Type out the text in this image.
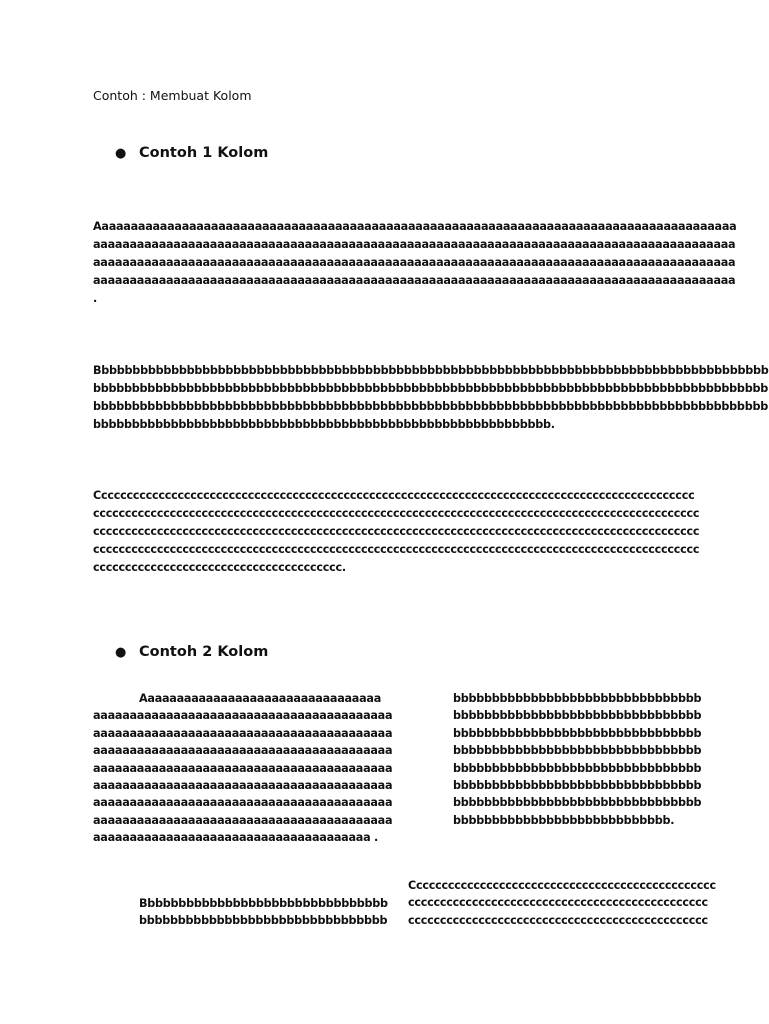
Contoh : Membuat Kolom
● Contoh 1 Kolom
Aaaaaaaaaaaaaaaaaaaaaaaaaaaaaaaaaaaaaaaaaaaaaaaaaaaaaaaaaaaaaaaaaaaaaaaaaaaaaaaaaaaaaaaa
aaaaaaaaaaaaaaaaaaaaaaaaaaaaaaaaaaaaaaaaaaaaaaaaaaaaaaaaaaaaaaaaaaaaaaaaaaaaaaaaaaaaaaaa
aaaaaaaaaaaaaaaaaaaaaaaaaaaaaaaaaaaaaaaaaaaaaaaaaaaaaaaaaaaaaaaaaaaaaaaaaaaaaaaaaaaaaaaa
aaaaaaaaaaaaaaaaaaaaaaaaaaaaaaaaaaaaaaaaaaaaaaaaaaaaaaaaaaaaaaaaaaaaaaaaaaaaaaaaaaaaaaaa
.
Bbbbbbbbbbbbbbbbbbbbbbbbbbbbbbbbbbbbbbbbbbbbbbbbbbbbbbbbbbbbbbbbbbbbbbbbbbbbbbbbbbbbbbb
bbbbbbbbbbbbbbbbbbbbbbbbbbbbbbbbbbbbbbbbbbbbbbbbbbbbbbbbbbbbbbbbbbbbbbbbbbbbbbbbbbbbbbb
bbbbbbbbbbbbbbbbbbbbbbbbbbbbbbbbbbbbbbbbbbbbbbbbbbbbbbbbbbbbbbbbbbbbbbbbbbbbbbbbbbbbbbb
bbbbbbbbbbbbbbbbbbbbbbbbbbbbbbbbbbbbbbbbbbbbbbbbbbbbbbbbbbb.
Cccccccccccccccccccccccccccccccccccccccccccccccccccccccccccccccccccccccccccccccccccccccccccccc
ccccccccccccccccccccccccccccccccccccccccccccccccccccccccccccccccccccccccccccccccccccccccccccccc
ccccccccccccccccccccccccccccccccccccccccccccccccccccccccccccccccccccccccccccccccccccccccccccccc
ccccccccccccccccccccccccccccccccccccccccccccccccccccccccccccccccccccccccccccccccccccccccccccccc
ccccccccccccccccccccccccccccccccccccccc.
● Contoh 2 Kolom
Aaaaaaaaaaaaaaaaaaaaaaaaaaaaaaaaa
aaaaaaaaaaaaaaaaaaaaaaaaaaaaaaaaaaaaaaaaa
aaaaaaaaaaaaaaaaaaaaaaaaaaaaaaaaaaaaaaaaa
aaaaaaaaaaaaaaaaaaaaaaaaaaaaaaaaaaaaaaaaa
aaaaaaaaaaaaaaaaaaaaaaaaaaaaaaaaaaaaaaaaa
aaaaaaaaaaaaaaaaaaaaaaaaaaaaaaaaaaaaaaaaa
aaaaaaaaaaaaaaaaaaaaaaaaaaaaaaaaaaaaaaaaa
aaaaaaaaaaaaaaaaaaaaaaaaaaaaaaaaaaaaaaaaa
aaaaaaaaaaaaaaaaaaaaaaaaaaaaaaaaaaaaaa .
bbbbbbbbbbbbbbbbbbbbbbbbbbbbbbbb
bbbbbbbbbbbbbbbbbbbbbbbbbbbbbbbb
bbbbbbbbbbbbbbbbbbbbbbbbbbbbbbbb
bbbbbbbbbbbbbbbbbbbbbbbbbbbbbbbb
bbbbbbbbbbbbbbbbbbbbbbbbbbbbbbbb
bbbbbbbbbbbbbbbbbbbbbbbbbbbbbbbb
bbbbbbbbbbbbbbbbbbbbbbbbbbbbbbbb
bbbbbbbbbbbbbbbbbbbbbbbbbbbb.
Cccccccccccccccccccccccccccccccccccccccccccccccc
ccccccccccccccccccccccccccccccccccccccccccccccc
ccccccccccccccccccccccccccccccccccccccccccccccc
Bbbbbbbbbbbbbbbbbbbbbbbbbbbbbbbb
bbbbbbbbbbbbbbbbbbbbbbbbbbbbbbbb
